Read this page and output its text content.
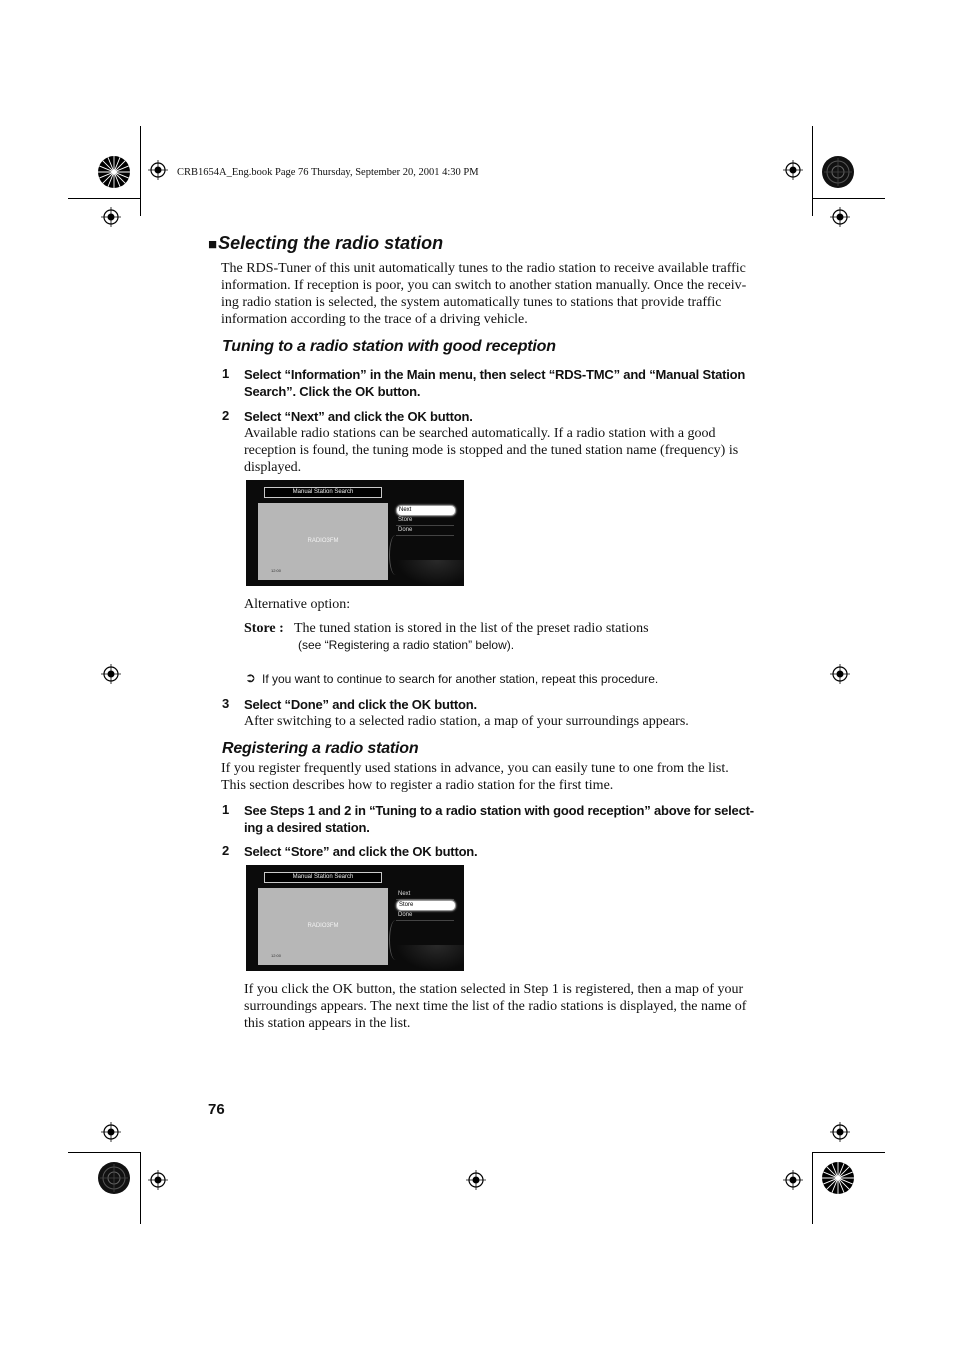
CRB1654A_Eng.book Page 76 Thursday, September 20, 2001 4:30 PM
■Selecting the radio station
The RDS-Tuner of this unit automatically tunes to the radio station to receive available traffic
information. If reception is poor, you can switch to another station manually. Once the receiv-
ing radio station is selected, the system automatically tunes to stations that provide traffic
information according to the trace of a driving vehicle.
Tuning to a radio station with good reception
1 Select “Information” in the Main menu, then select “RDS-TMC” and “Manual Station
Search”. Click the OK button.
2 Select “Next” and click the OK button.
Available radio stations can be searched automatically. If a radio station with a good
reception is found, the tuning mode is stopped and the tuned station name (frequency) is
displayed.
Manual Station Search
RADIO3FM
12:00
Next
Store
Done
Alternative option:
Store : The tuned station is stored in the list of the preset radio stations
(see “Registering a radio station” below).
➲ If you want to continue to search for another station, repeat this procedure.
3 Select “Done” and click the OK button.
After switching to a selected radio station, a map of your surroundings appears.
Registering a radio station
If you register frequently used stations in advance, you can easily tune to one from the list.
This section describes how to register a radio station for the first time.
1 See Steps 1 and 2 in “Tuning to a radio station with good reception” above for select-
ing a desired station.
2 Select “Store” and click the OK button.
Manual Station Search
RADIO3FM
12:00
Next
Store
Done
If you click the OK button, the station selected in Step 1 is registered, then a map of your
surroundings appears. The next time the list of the radio stations is displayed, the name of
this station appears in the list.
76
